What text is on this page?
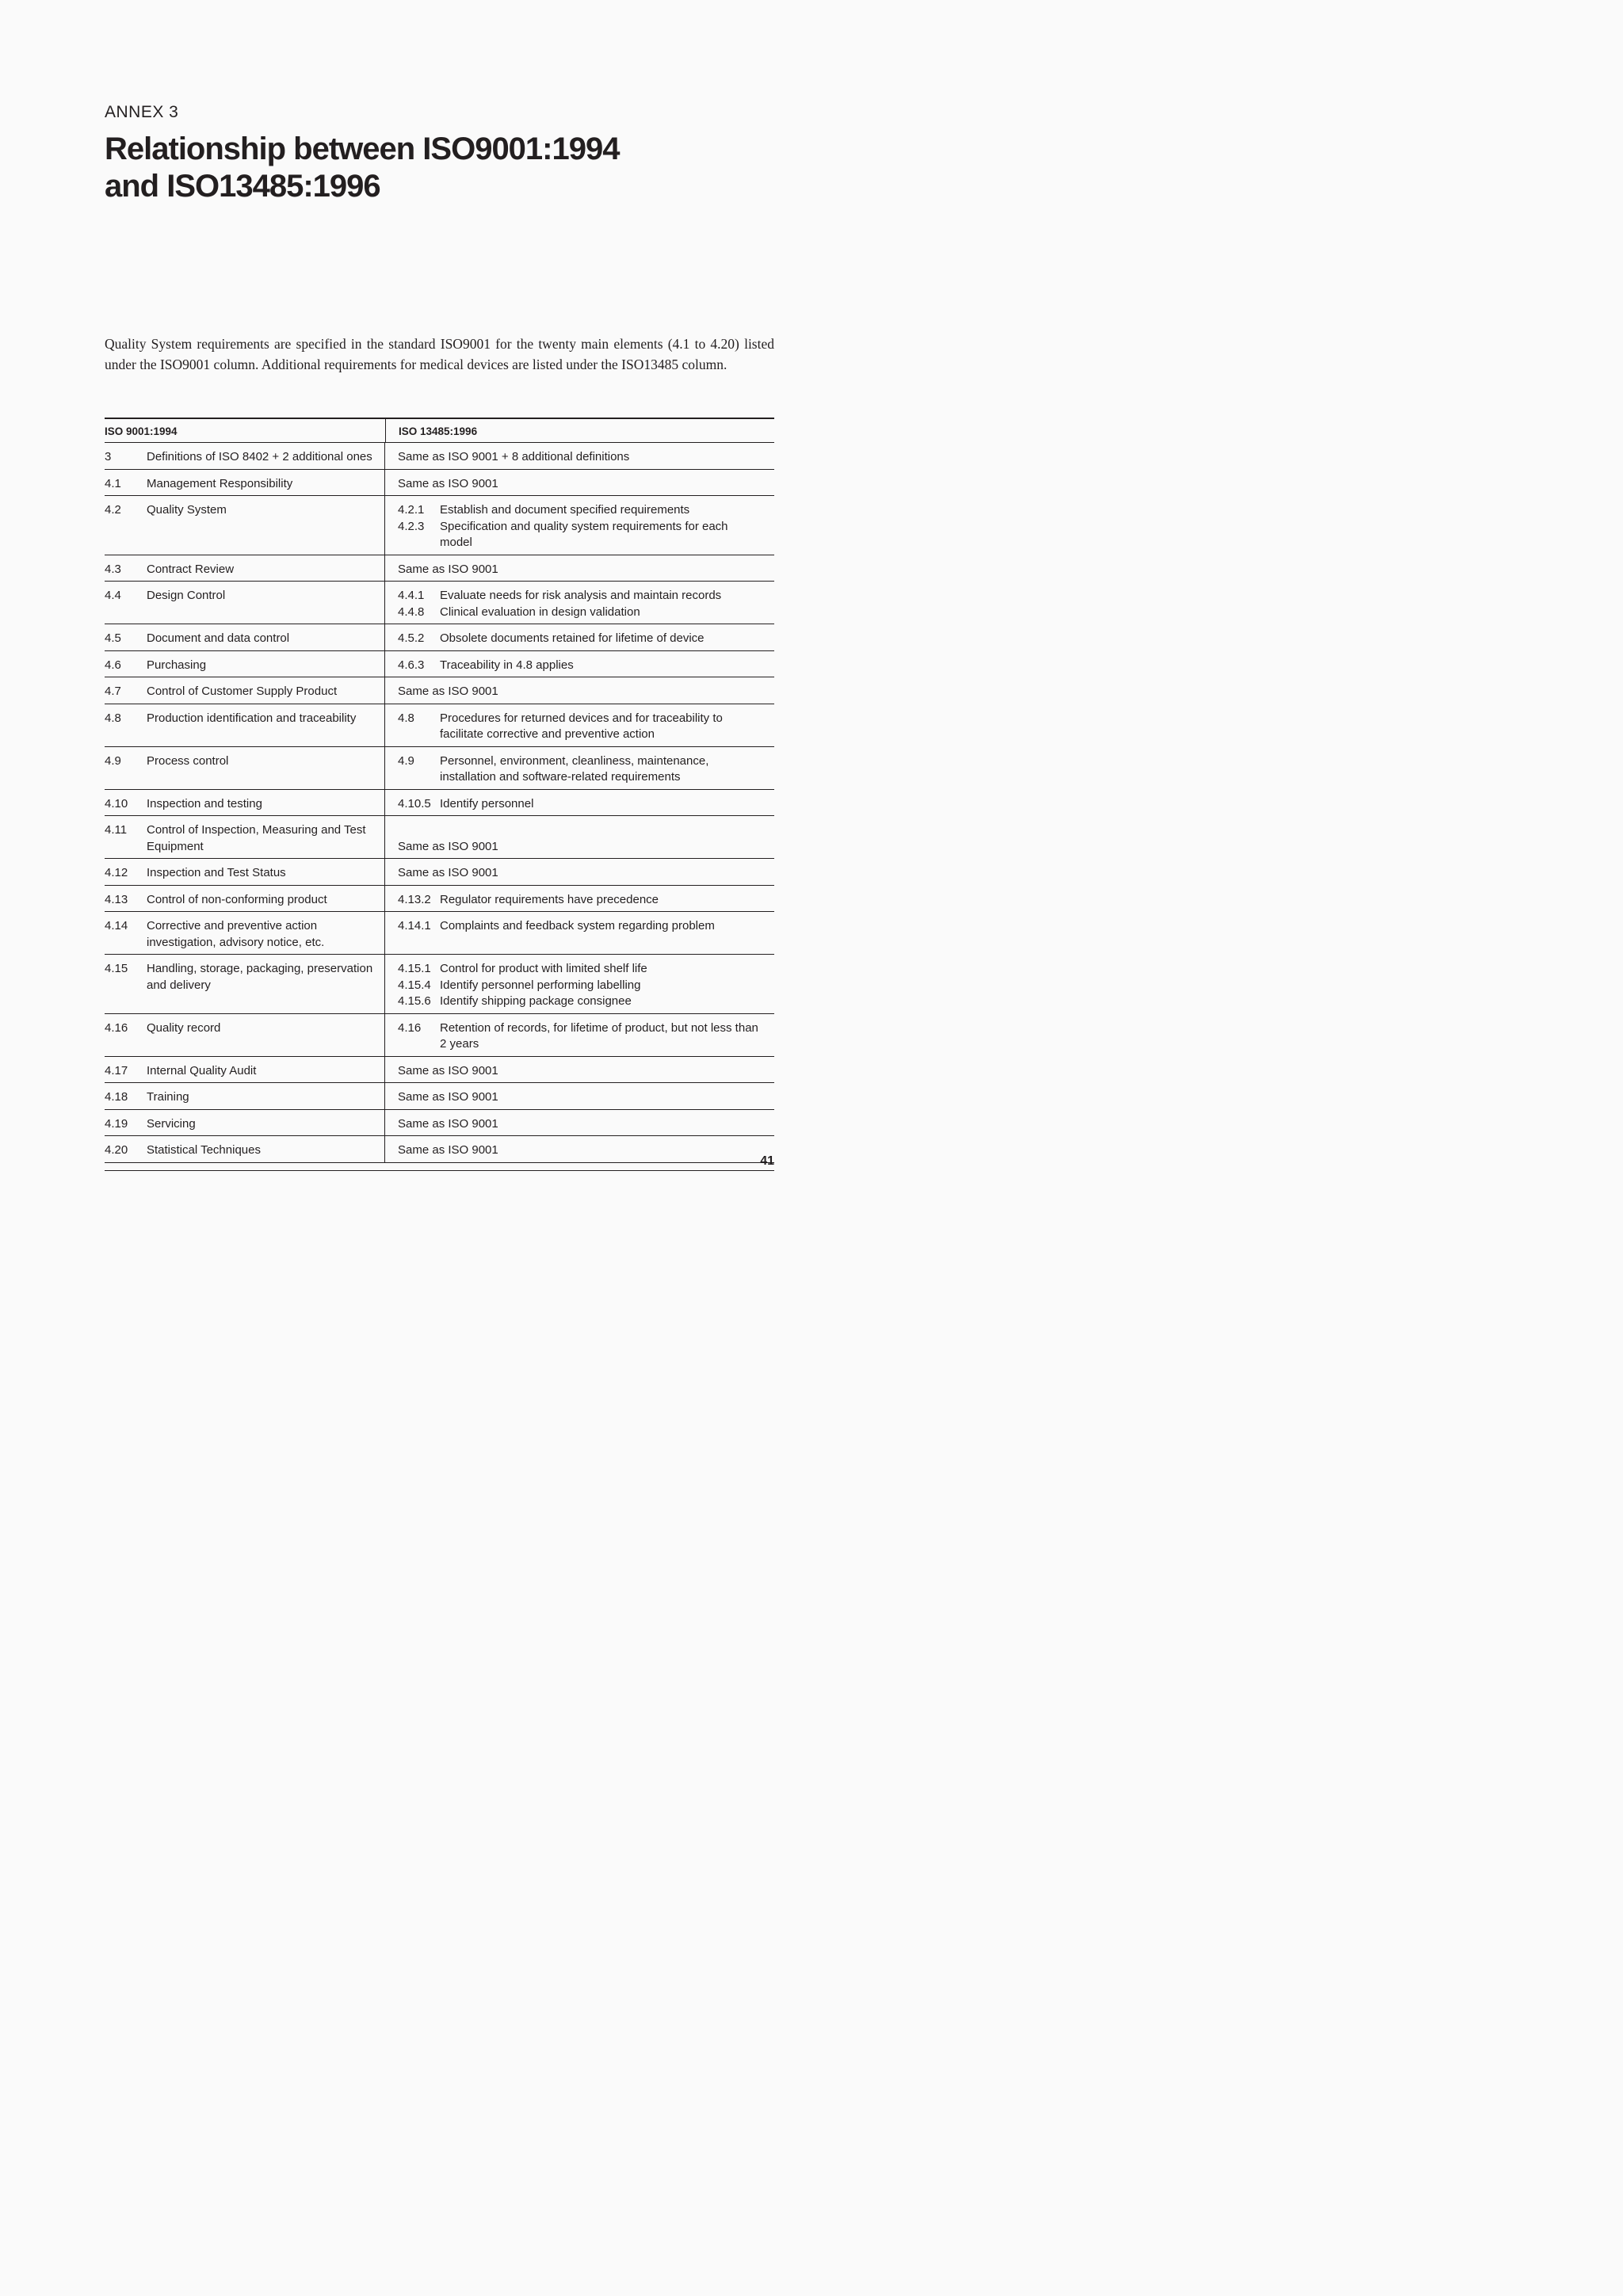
ANNEX 3
Relationship between ISO9001:1994
and ISO13485:1996

Quality System requirements are specified in the standard ISO9001 for the twenty main elements (4.1 to 4.20) listed under the ISO9001 column. Additional requirements for medical devices are listed under the ISO13485 column.

ISO 9001:1994	ISO 13485:1996
3	Definitions of ISO 8402 + 2 additional ones	Same as ISO 9001 + 8 additional definitions
4.1	Management Responsibility	Same as ISO 9001
4.2	Quality System	4.2.1	Establish and document specified requirements
4.2.3	Specification and quality system requirements for each model
4.3	Contract Review	Same as ISO 9001
4.4	Design Control	4.4.1	Evaluate needs for risk analysis and maintain records
4.4.8	Clinical evaluation in design validation
4.5	Document and data control	4.5.2	Obsolete documents retained for lifetime of device
4.6	Purchasing	4.6.3	Traceability in 4.8 applies
4.7	Control of Customer Supply Product	Same as ISO 9001
4.8	Production identification and traceability	4.8	Procedures for returned devices and for traceability to facilitate corrective and preventive action
4.9	Process control	4.9	Personnel, environment, cleanliness, maintenance, installation and software-related requirements
4.10	Inspection and testing	4.10.5 Identify personnel
4.11	Control of Inspection, Measuring and Test Equipment	Same as ISO 9001
4.12	Inspection and Test Status	Same as ISO 9001
4.13	Control of non-conforming product	4.13.2 Regulator requirements have precedence
4.14	Corrective and preventive action investigation, advisory notice, etc.
4.14.1 Complaints and feedback system regarding problem
4.15	Handling, storage, packaging, preservation and delivery
4.15.1 Control for product with limited shelf life
4.15.4 Identify personnel performing labelling
4.15.6 Identify shipping package consignee
4.16	Quality record	4.16	Retention of records, for lifetime of product, but not less than 2 years
4.17	Internal Quality Audit	Same as ISO 9001
4.18	Training	Same as ISO 9001
4.19	Servicing	Same as ISO 9001
4.20	Statistical Techniques	Same as ISO 9001
41
